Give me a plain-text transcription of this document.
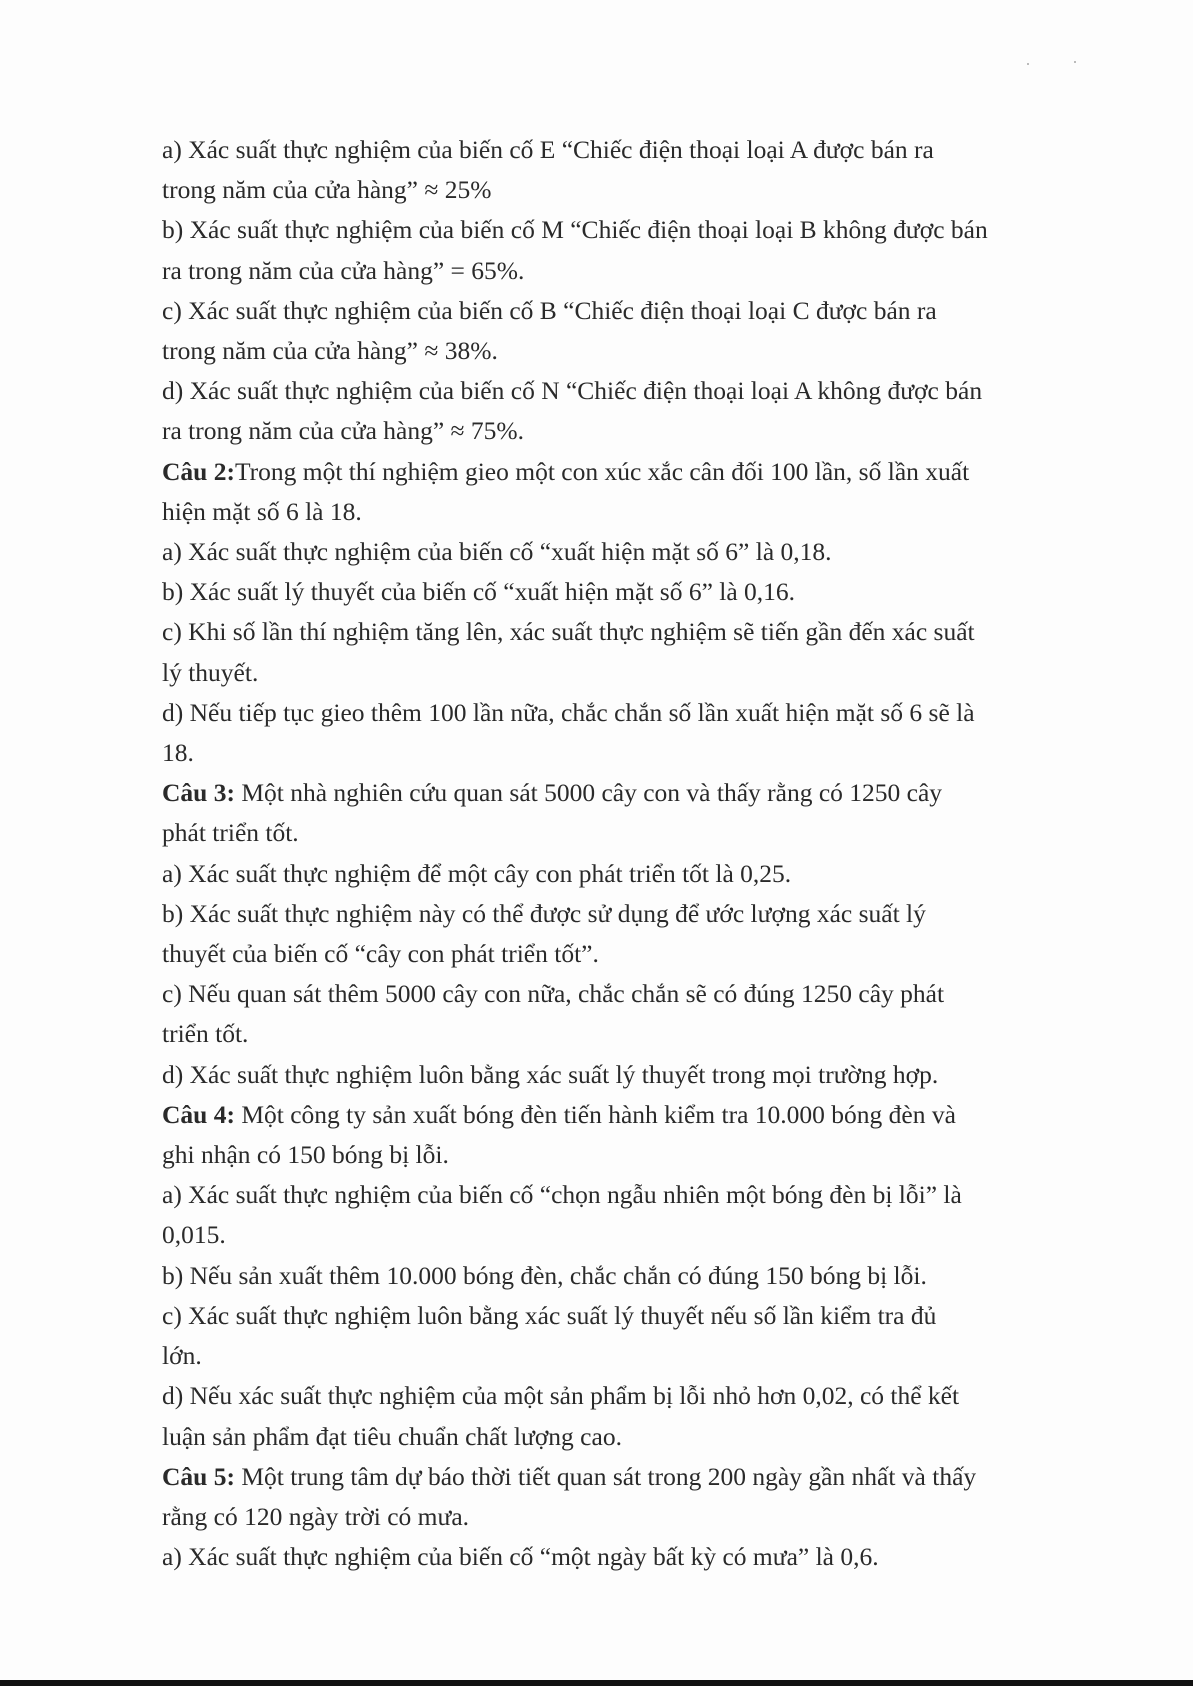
a) Xác suất thực nghiệm của biến cố E “Chiếc điện thoại loại A được bán ra
trong năm của cửa hàng” ≈ 25%
b) Xác suất thực nghiệm của biến cố M “Chiếc điện thoại loại B không được bán
ra trong năm của cửa hàng” = 65%.
c) Xác suất thực nghiệm của biến cố B “Chiếc điện thoại loại C được bán ra
trong năm của cửa hàng” ≈ 38%.
d) Xác suất thực nghiệm của biến cố N “Chiếc điện thoại loại A không được bán
ra trong năm của cửa hàng” ≈ 75%.
Câu 2:Trong một thí nghiệm gieo một con xúc xắc cân đối 100 lần, số lần xuất
hiện mặt số 6 là 18.
a) Xác suất thực nghiệm của biến cố “xuất hiện mặt số 6” là 0,18.
b) Xác suất lý thuyết của biến cố “xuất hiện mặt số 6” là 0,16.
c) Khi số lần thí nghiệm tăng lên, xác suất thực nghiệm sẽ tiến gần đến xác suất
lý thuyết.
d) Nếu tiếp tục gieo thêm 100 lần nữa, chắc chắn số lần xuất hiện mặt số 6 sẽ là
18.
Câu 3: Một nhà nghiên cứu quan sát 5000 cây con và thấy rằng có 1250 cây
phát triển tốt.
a) Xác suất thực nghiệm để một cây con phát triển tốt là 0,25.
b) Xác suất thực nghiệm này có thể được sử dụng để ước lượng xác suất lý
thuyết của biến cố “cây con phát triển tốt”.
c) Nếu quan sát thêm 5000 cây con nữa, chắc chắn sẽ có đúng 1250 cây phát
triển tốt.
d) Xác suất thực nghiệm luôn bằng xác suất lý thuyết trong mọi trường hợp.
Câu 4: Một công ty sản xuất bóng đèn tiến hành kiểm tra 10.000 bóng đèn và
ghi nhận có 150 bóng bị lỗi.
a) Xác suất thực nghiệm của biến cố “chọn ngẫu nhiên một bóng đèn bị lỗi” là
0,015.
b) Nếu sản xuất thêm 10.000 bóng đèn, chắc chắn có đúng 150 bóng bị lỗi.
c) Xác suất thực nghiệm luôn bằng xác suất lý thuyết nếu số lần kiểm tra đủ
lớn.
d) Nếu xác suất thực nghiệm của một sản phẩm bị lỗi nhỏ hơn 0,02, có thể kết
luận sản phẩm đạt tiêu chuẩn chất lượng cao.
Câu 5: Một trung tâm dự báo thời tiết quan sát trong 200 ngày gần nhất và thấy
rằng có 120 ngày trời có mưa.
a) Xác suất thực nghiệm của biến cố “một ngày bất kỳ có mưa” là 0,6.
